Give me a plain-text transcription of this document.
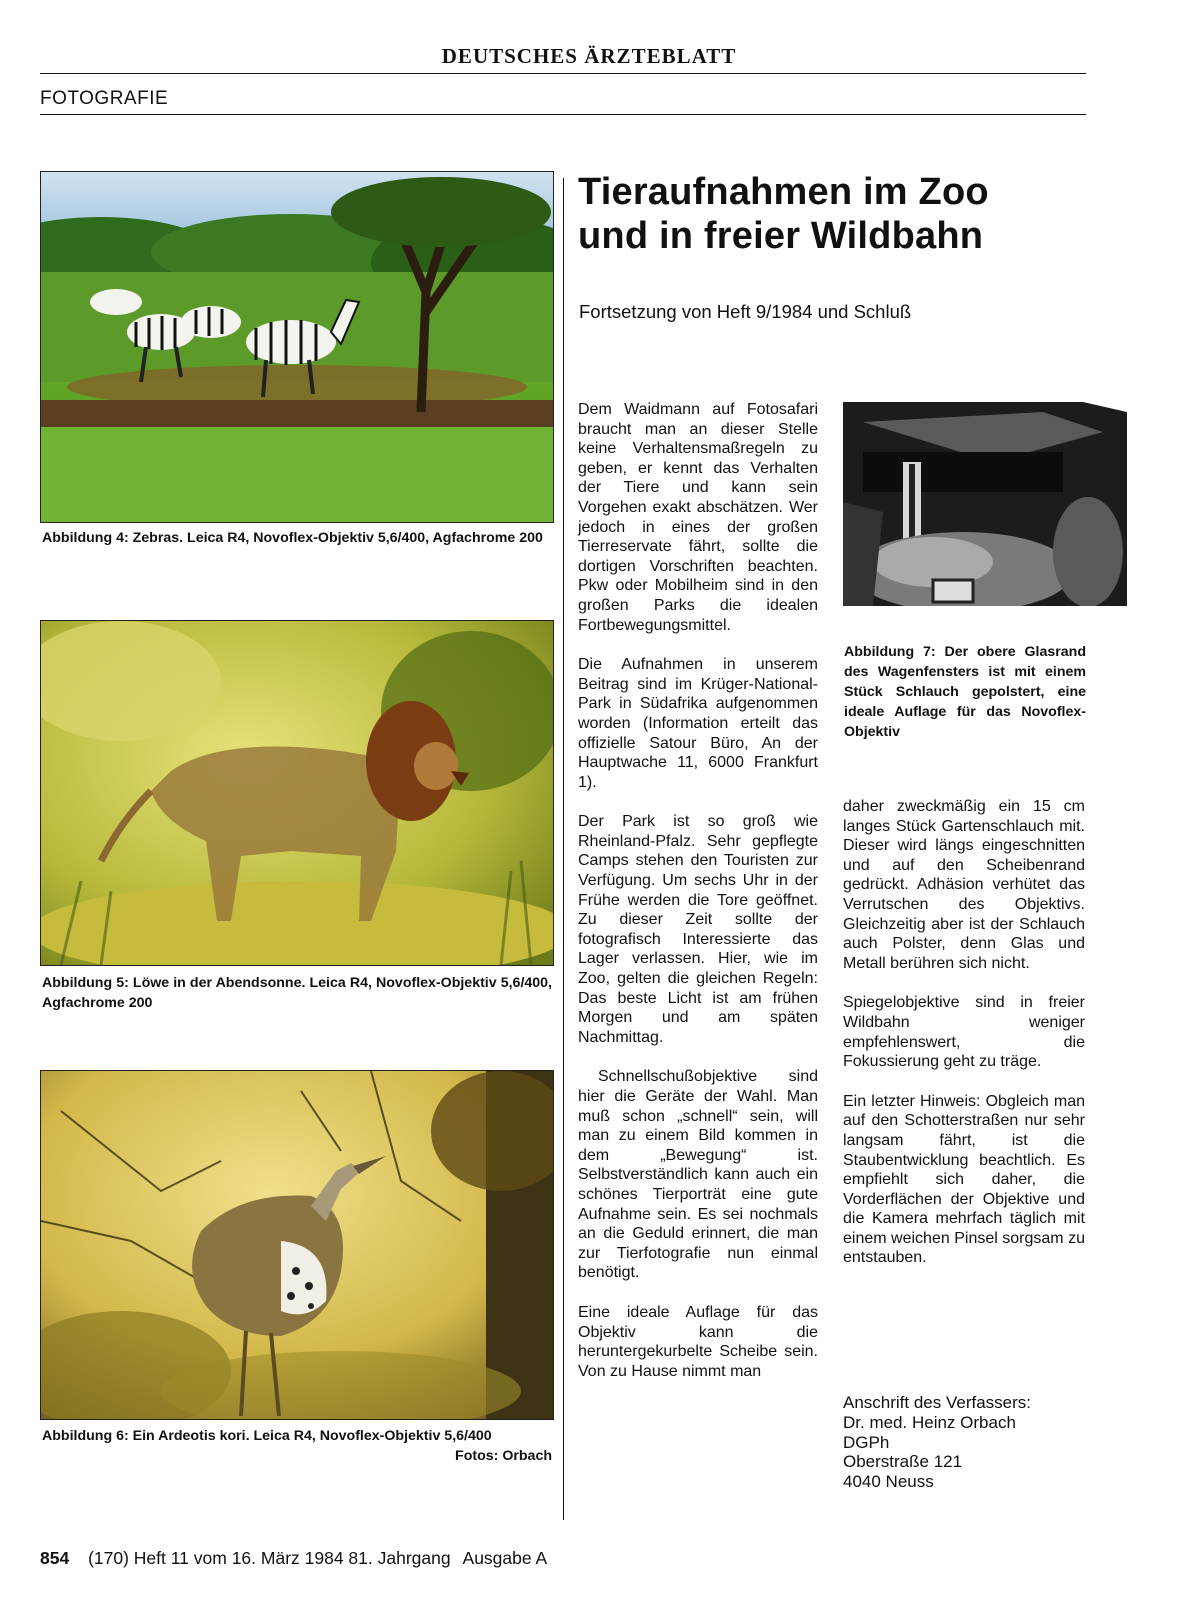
DEUTSCHES ÄRZTEBLATT
FOTOGRAFIE
Abbildung 4: Zebras. Leica R4, Novoflex-Objektiv 5,6/400, Agfachrome 200
Abbildung 5: Löwe in der Abendsonne. Leica R4, Novoflex-Objektiv 5,6/400, Agfachrome 200
Abbildung 6: Ein Ardeotis kori. Leica R4, Novoflex-Objektiv 5,6/400
Fotos: Orbach
Tieraufnahmen im Zoo
und in freier Wildbahn
Fortsetzung von Heft 9/1984 und Schluß

Dem Waidmann auf Fotosafari braucht man an dieser Stelle keine Verhaltensmaßregeln zu geben, er kennt das Verhalten der Tiere und kann sein Vorgehen exakt abschätzen. Wer jedoch in eines der großen Tierreservate fährt, sollte die dortigen Vorschriften beachten. Pkw oder Mobilheim sind in den großen Parks die idealen Fortbewegungsmittel.

Die Aufnahmen in unserem Beitrag sind im Krüger-National-Park in Südafrika aufgenommen worden (Information erteilt das offizielle Satour Büro, An der Hauptwache 11, 6000 Frankfurt 1).

Der Park ist so groß wie Rheinland-Pfalz. Sehr gepflegte Camps stehen den Touristen zur Verfügung. Um sechs Uhr in der Frühe werden die Tore geöffnet. Zu dieser Zeit sollte der fotografisch Interessierte das Lager verlassen. Hier, wie im Zoo, gelten die gleichen Regeln: Das beste Licht ist am frühen Morgen und am späten Nachmittag.

Schnellschußobjektive sind hier die Geräte der Wahl. Man muß schon „schnell“ sein, will man zu einem Bild kommen in dem „Bewegung“ ist. Selbstverständlich kann auch ein schönes Tierporträt eine gute Aufnahme sein. Es sei nochmals an die Geduld erinnert, die man zur Tierfotografie nun einmal benötigt.

Eine ideale Auflage für das Objektiv kann die heruntergekurbelte Scheibe sein. Von zu Hause nimmt man

Abbildung 7: Der obere Glasrand des Wagenfensters ist mit einem Stück Schlauch gepolstert, eine ideale Auflage für das Novoflex-Objektiv

daher zweckmäßig ein 15 cm langes Stück Gartenschlauch mit. Dieser wird längs eingeschnitten und auf den Scheibenrand gedrückt. Adhäsion verhütet das Verrutschen des Objektivs. Gleichzeitig aber ist der Schlauch auch Polster, denn Glas und Metall berühren sich nicht.

Spiegelobjektive sind in freier Wildbahn weniger empfehlenswert, die Fokussierung geht zu träge.

Ein letzter Hinweis: Obgleich man auf den Schotterstraßen nur sehr langsam fährt, ist die Staubentwicklung beachtlich. Es empfiehlt sich daher, die Vorderflächen der Objektive und die Kamera mehrfach täglich mit einem weichen Pinsel sorgsam zu entstauben.

Anschrift des Verfassers:
Dr. med. Heinz Orbach
DGPh
Oberstraße 121
4040 Neuss
854 (170) Heft 11 vom 16. März 1984 81. Jahrgang Ausgabe A
